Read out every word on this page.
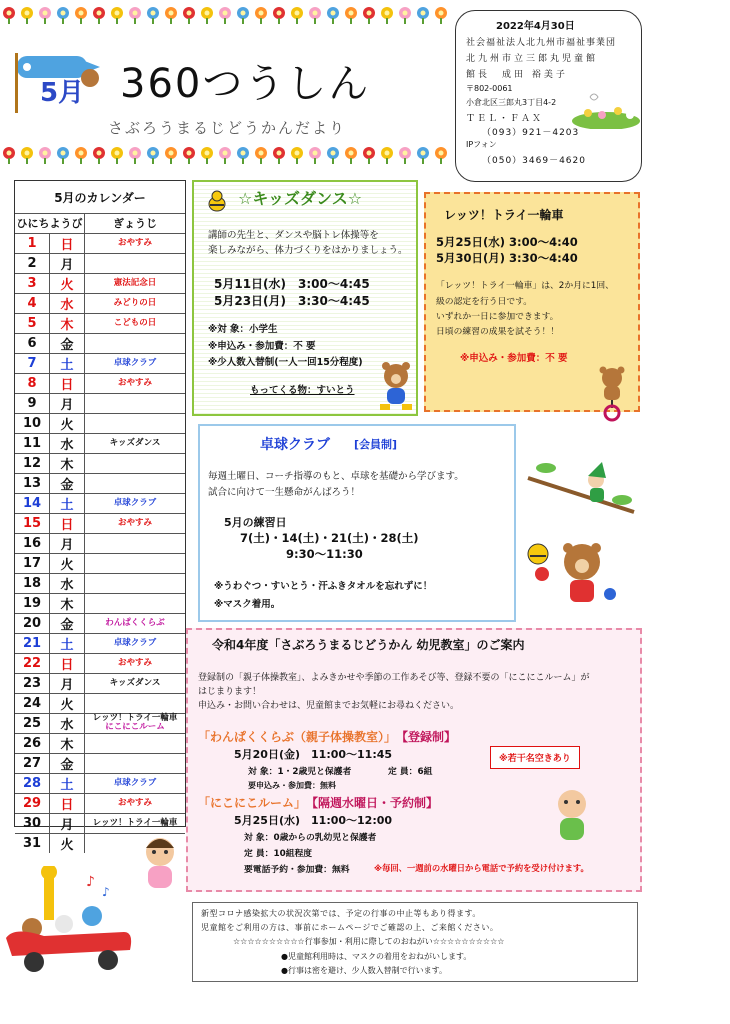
5月 360つうしん
さぶろうまるじどうかんだより
2022年4月30日
社会福祉法人北九州市福祉事業団
北九州市立三郎丸児童館
館長　成田 裕美子
〒802-0061
小倉北区三郎丸3丁目4-2
ＴＥＬ・ＦＡＸ
（093）921－4203
IPフォン
（050）3469－4620
5月のカレンダー
ひにちようび		ぎょうじ
1	日	おやすみ

2	月	

3	火	憲法記念日

4	水	みどりの日

5	木	こどもの日

6	金	

7	土	卓球クラブ

8	日	おやすみ

9	月	

10	火	

11	水	キッズダンス

12	木	

13	金	

14	土	卓球クラブ

15	日	おやすみ

16	月	

17	火	

18	水	

19	木	

20	金	わんぱくくらぶ

21	土	卓球クラブ

22	日	おやすみ

23	月	キッズダンス

24	火	

25	水	レッツ！トライ一輪車
にこにこルーム

26	木	

27	金	

28	土	卓球クラブ

29	日	おやすみ

30	月	レッツ！トライ一輪車

31	火	
☆キッズダンス☆
講師の先生と、ダンスや脳トレ体操等を
楽しみながら、体力づくりをはかりましょう。
5月11日(水)　3:00～4:45
5月23日(月)　3:30～4:45
※対 象：小学生
※申込み・参加費：不 要
※少人数入替制(一人一回15分程度)
もってくる物：すいとう
レッツ！トライ一輪車
5月25日(水) 3:00～4:40
5月30日(月) 3:30～4:40
「レッツ！トライ一輪車」は、2か月に1回、
級の認定を行う日です。
いずれか一日に参加できます。
日頃の練習の成果を試そう！！
※申込み・参加費：不 要
卓球クラブ [会員制]
毎週土曜日、コーチ指導のもと、卓球を基礎から学びます。
試合に向けて一生懸命がんばろう！
5月の練習日
7(土)・14(土)・21(土)・28(土)
9:30～11:30
※うわぐつ・すいとう・汗ふきタオルを忘れずに！
※マスク着用。
令和4年度「さぶろうまるじどうかん 幼児教室」のご案内
登録制の「親子体操教室」、よみきかせや季節の工作あそび等、登録不要の「にこにこルーム」が
はじまります！
申込み・お問い合わせは、児童館までお気軽にお尋ねください。
「わんぱくくらぶ（親子体操教室）」 【登録制】
5月20日(金)　11:00～11:45
対 象：1・2歳児と保護者	定 員：6組
要申込み・参加費：無料
※若干名空きあり
「にこにこルーム」 【隔週水曜日・予約制】
5月25日(水)　11:00～12:00
対 象：0歳からの乳幼児と保護者
定 員：10組程度
要電話予約・参加費：無料	※毎回、一週前の水曜日から電話で予約を受け付けます。
♪
♪
新型コロナ感染拡大の状況次第では、予定の行事の中止等もあり得ます。
児童館をご利用の方は、事前にホームページでご確認の上、ご来館ください。
☆☆☆☆☆☆☆☆☆☆行事参加・利用に際してのおねがい☆☆☆☆☆☆☆☆☆☆
●児童館利用時は、マスクの着用をおねがいします。
●行事は密を避け、少人数入替制で行います。
